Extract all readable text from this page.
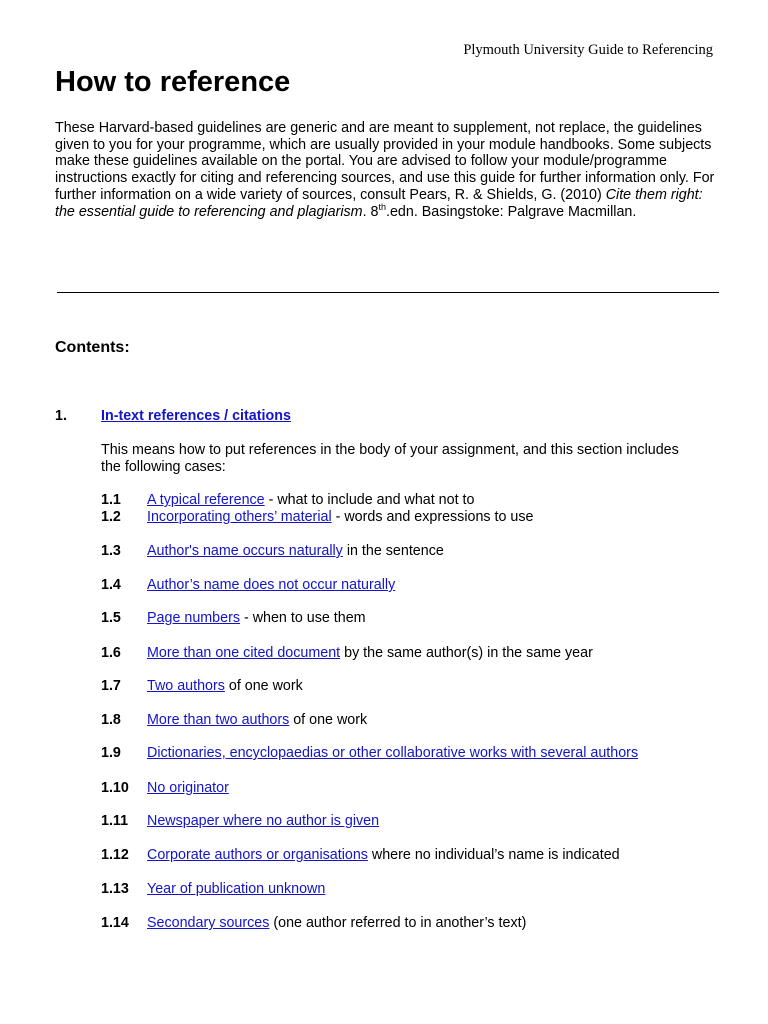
Plymouth University Guide to Referencing
How to reference

These Harvard-based guidelines are generic and are meant to supplement, not replace, the guidelines given to you for your programme, which are usually provided in your module handbooks. Some subjects make these guidelines available on the portal. You are advised to follow your module/programme instructions exactly for citing and referencing sources, and use this guide for further information only. For further information on a wide variety of sources, consult Pears, R. & Shields, G. (2010) Cite them right: the essential guide to referencing and plagiarism. 8th.edn. Basingstoke: Palgrave Macmillan.

Contents:
1. In-text references / citations

This means how to put references in the body of your assignment, and this section includes the following cases:

1.1 A typical reference - what to include and what not to
1.2 Incorporating others’ material - words and expressions to use
1.3 Author's name occurs naturally in the sentence
1.4 Author’s name does not occur naturally
1.5 Page numbers - when to use them
1.6 More than one cited document by the same author(s) in the same year
1.7 Two authors of one work
1.8 More than two authors of one work
1.9 Dictionaries, encyclopaedias or other collaborative works with several authors
1.10 No originator
1.11 Newspaper where no author is given
1.12 Corporate authors or organisations where no individual’s name is indicated
1.13 Year of publication unknown
1.14 Secondary sources (one author referred to in another’s text)
